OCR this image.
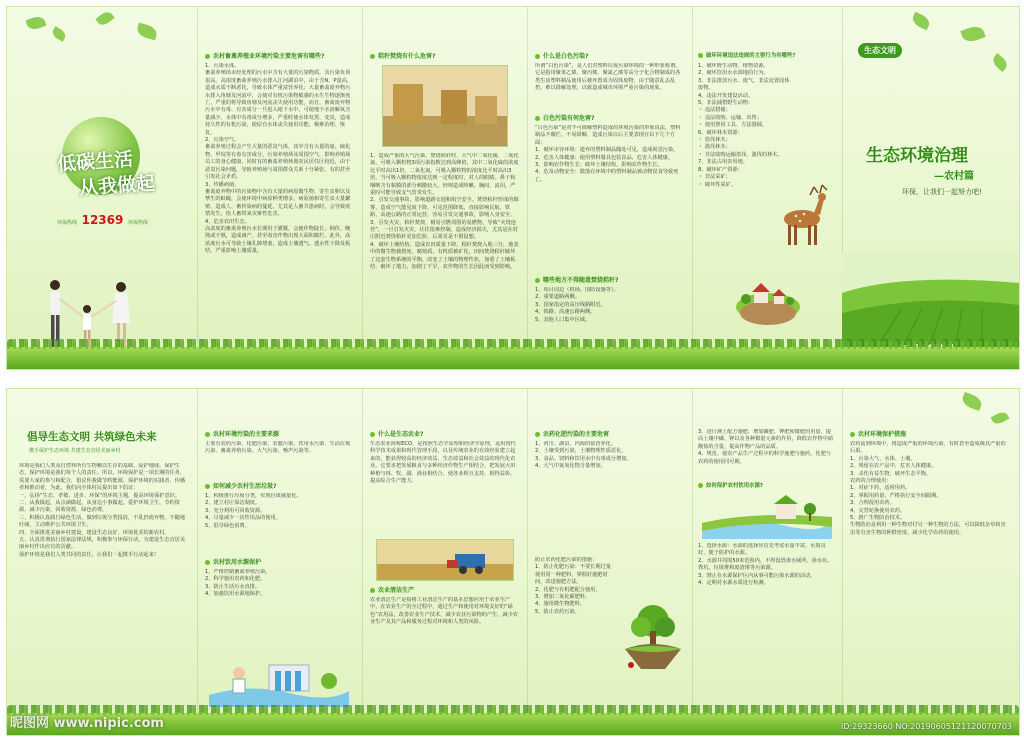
低碳生活
从我做起
环保热线 12369 环保热线
农村畜禽养殖业环境污染主要危害有哪些?
1、污染水体。
畜禽养殖场未经处理的污水中含有大量的污染物质，其污染负荷很高。高浓度畜禽养殖污水排入江河湖泊中，由于含N、P量高，造成水质不断恶化，导致水体严重富营养化；大量畜禽废弃物污水排入鱼塘及河流中，会使对有机污染物敏感的水生生物逐渐死亡，严重的将导致鱼塘及河流丧失使用功能。而且，畜禽废弃物污水中有毒、有害成分一旦进入地下水中，可使地下水溶解氧含量减少，水体中有毒成分增多，严重时使水体发黑、变臭，造成持久性的有机污染，使原有水体丧失使用功能，极难治理、恢复。
2、污染空气。
畜禽养殖过程会产生大量的恶臭气体，其中含有大量的氨、硫化物、甲烷等有毒有害成分，污染养殖场及周围空气，影响养殖场员工的身心健康，同时有的畜禽养殖场离农民居住区较近，由于恶臭污染问题，导致养殖场与周围群众关系十分紧张，有的甚至引发社会矛盾。
3、传播病菌。
畜禽废弃物中的污染物中含有大量的病原微生物、寄生虫卵以及孳生的蚊蝇，会使环境中病原种类增多，病原菌和寄生虫大量繁殖，造成人、畜传染病的蔓延，尤其是人畜共患病时，会导致疫情发生，给人畜带来灾难性危害。
4、危害农田生态。
高浓度的畜禽养殖污水长期用于灌溉，会使作物陡长、倒伏、晚熟或不熟，造成减产，甚至毒害作物出现大面积腐烂。此外，高浓度污水可导致土壤孔隙堵塞，造成土壤透气、透水性下降及板结，严重影响土壤质量。
秸秆焚烧有什么危害?
1、造成严重的大气污染。焚烧秸秆时，大气中二氧化硫、二氧化氮、可吸入颗粒物3项污染指数达到高峰值，其中二氧化硫的浓度比平时高出1倍，二氧化氮、可吸入颗粒物的浓度比平时高出3倍，当可吸入颗粒物浓度达到一定程度时，对人的眼睛、鼻子和咽喉含有黏膜的部分刺激较大，轻则造成咳嗽、胸闷、流泪，严重时可能导致支气管炎发生。
2、引发交通事故，影响道路交通和航空安全。焚烧秸秆形成的烟雾，造成空气能见度下降，可见范围降低，直接影响民航、铁路、高速公路的正常运营，容易引发交通事故，影响人身安全。
3、引发火灾，秸秆焚烧，极易引燃周围的易燃物，导致“火烧连营”，一旦引发火灾，往往很难控制，造成经济损失，尤其是在村庄附近焚烧秸秆更加危险，后果更是不堪设想。
4、破坏土壤结构，造成农田质量下降。秸秆焚烧入地三分，地表中的微生物被烧死，腐殖质、有机质被矿化，田间焚烧秸秆破坏了这套生物系统的平衡，改变了土壤的物理性状，加重了土壤板结，破坏了地力，加剧了干旱，农作物的生长因此而受到影响。
什么是白色污染?
所谓“白色污染”，是人们对塑料垃圾污染环境的一种形象称谓。它是指用聚苯乙烯、聚丙烯、聚氯乙烯等高分子化合物制成的各类生活塑料制品使用后被弃置成为固体废物，由于随意乱丢乱扔，难以降解处理，以致造成城市环境严重污染的现象。
白色污染有何危害?
“白色污染”是对不可降解塑料造成的环境污染的形象说法，塑料制品不腐烂，不易降解，造成污染以后主要表现在以下几个方面：
1、破坏市容环境：遗弃的塑料制品随处可见，造成视觉污染。
2、危害人体健康：使用塑料餐具包装食品，危害人体健康。
3、影响农作物生长：破坏土壤结构，影响农作物生长。
4、危及动物安全：散落在环境中的塑料制品被动物误食导致死亡。
哪些地方不得随意焚烧秸秆?
1、项目周边（机场、国防设施等）。
2、重要道路两侧。
3、国家指定的高压线路附近。
4、铁路、高速公路两侧。
5、其他人口集中区域。
破坏环境违法违规的主要行为有哪些?
1、破坏野生动物、植物资源。
2、破坏饮用水水源地的行为。
3、非法排放污水、废气，非法处置固体废物。
4、违法开发建设活动。
5、非法捕猎野生动物：
・ 违法猎捕；
・ 违法收购、运输、出售；
・ 使用禁用工具、方法猎捕。
6、破坏林木资源：
・ 盗伐林木；
・ 滥伐林木；
・ 非法收购运输盗伐、滥伐的林木。
7、非法占用农用地。
8、破坏矿产资源：
・ 非法采矿；
・ 破坏性采矿。
生态文明
生态环境治理
—农村篇
环保，让我们一起努力吧!
倡导生态文明 共筑绿色未来
携手保护生态环境 共建生态宜居美丽乡村
环境是我们人类及自然界所有生物赖以生存的基础。爱护地球，保护生态，保护环境是我们每个人的责任。所以，环境保护是一项长期的任务，需要大家的参与和配合，倡议你我做节约能源、保护环境的实践者、传播者和推动者，为此，我们向全体村民提出如下倡议：
一、弘扬“生态、孝敬、进步、环保”的环境主题，提高环境保护意识。
二、从我做起，从点滴做起，从身边小事做起，爱护环境卫生，节约资源，减少污染，回收资源，绿色消费。
三、积极认真践行绿色生活，做到垃圾分类投放，不乱扔废弃物，不随地吐痰，主动维护公共环境卫生。
四、全面推进美丽乡村建设，建设生态良好、环境优美的新农村。
五、认真贯彻执行国家法律法规，积极参与环保行动，为建设生态宜居美丽乡村作出应有的贡献。
保护环境是我们人类共同的责任，让我们一起携手行动起来！
农村环境污染的主要来源
主要有农药污染、化肥污染、农膜污染、饮用水污染、生活垃圾污染、畜禽养殖污染、大气污染、噪声污染等。
如何减少农村生活垃圾?
1、积极推行垃圾分类，实现垃圾减量化。
2、建立村庄保洁制度。
3、充分利用可回收资源。
4、尽量减少一次性用品的使用。
5、倡导绿色消费。
农村饮用水源保护
1、严格控制畜禽养殖污染。
2、科学施用农药和化肥。
3、防止生活污水直排。
4、加强饮用水源地保护。
什么是生态农业?
生态农业简称ECO，是按照生态学原理和经济学原理，运用现代科学技术成果和现代管理手段，以及传统农业的有效经验建立起来的，能获得较高的经济效益、生态效益和社会效益的现代化农业。它要求把发展粮食与多种经济作物生产相结合，把发展大田种植与林、牧、副、渔业相结合，使各业相互支持，相得益彰，提高综合生产能力。
农业清洁生产
农业清洁生产是指将工业清洁生产的基本思想应用于农业生产中，在农业生产的全过程中，通过生产和使用对环境友好的“绿色”农用品，改善农业生产技术，减少农业污染物的产生，减少农业生产及其产品和服务过程对环境和人类的风险。
农药化肥污染的主要危害
1、河川、湖泊、内海的富营养化。
2、土壤受到污染，土壤物理性质恶化。
3、食品、饲料和饮用水中有毒成分增加。
4、大气中氮氧化物含量增加。
防止农药化肥污染的措施：
1、防止化肥污染：不要长期过量使用同一种肥料，掌握好施肥时间，改进施肥方法。
2、化肥与有机肥配合使用。
3、增加二氧化碳肥料。
4、施用微生物肥料。
5、防止农药污染。
3、进行测土配方施肥，增加磷肥、钾肥和微肥的用量，提高土壤中磷、钾以及各种微量元素的作用，降低农作物中硝酸盐的含量，提高作物产品的品质。
4、规范、使农产品生产过程中的科学施肥与施药，化肥与农药的使用同可期。
如何保护农村饮用水源?
1、选择水源：水源的选择应首先考虑水量丰富、水质良好、便于防护的水源。
2、水源井周围50米范围内，不得设置渗水厕所、渗水坑、粪坑、垃圾堆和废渣堆等污染源。
3、禁止在水源保护区内从事可能污染水源的活动。
4、定期对水源水质进行检测。
农村环境保护措施
农药流到环境中，将造成严重的环境污染，有时甚至造成极其严重的后果。
1、污染大气、水体、土壤。
2、残留在农产品中，危害人体健康。
3、杀伤有益生物，破坏生态平衡。
农药的合理使用：
1、对症下药，适时用药。
2、掌握用药量，严格执行安全间隔期。
3、合理混用农药。
4、交替轮换使用农药。
5、推广生物防治技术。
生物防治是利用一种生物对付另一种生物的方法，可以降低杂草和害虫等有害生物的种群密度，减少化学农药的使用。
昵图网 www.nipic.com	ID:29323660 NO:20190605121120070703
